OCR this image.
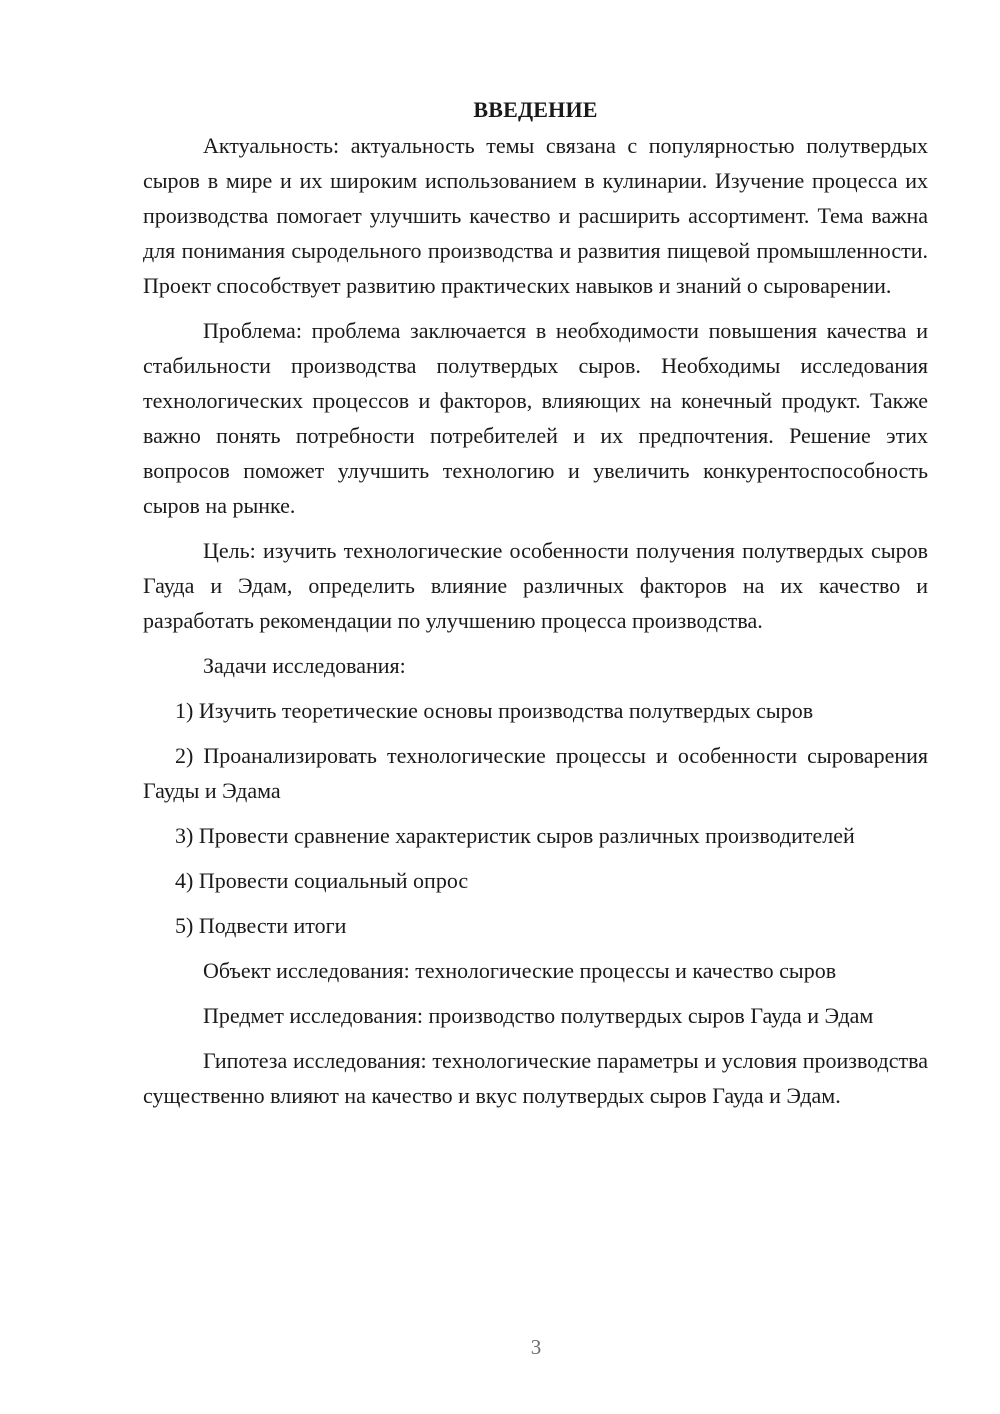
ВВЕДЕНИЕ

Актуальность: актуальность темы связана с популярностью полутвердых сыров в мире и их широким использованием в кулинарии. Изучение процесса их производства помогает улучшить качество и расширить ассортимент. Тема важна для понимания сыродельного производства и развития пищевой промышленности. Проект способствует развитию практических навыков и знаний о сыроварении.

Проблема: проблема заключается в необходимости повышения качества и стабильности производства полутвердых сыров. Необходимы исследования технологических процессов и факторов, влияющих на конечный продукт. Также важно понять потребности потребителей и их предпочтения. Решение этих вопросов поможет улучшить технологию и увеличить конкурентоспособность сыров на рынке.

Цель: изучить технологические особенности получения полутвердых сыров Гауда и Эдам, определить влияние различных факторов на их качество и разработать рекомендации по улучшению процесса производства.

Задачи исследования:

1) Изучить теоретические основы производства полутвердых сыров

2) Проанализировать технологические процессы и особенности сыроварения Гауды и Эдама

3) Провести сравнение характеристик сыров различных производителей

4) Провести социальный опрос

5) Подвести итоги

Объект исследования: технологические процессы и качество сыров

Предмет исследования: производство полутвердых сыров Гауда и Эдам

Гипотеза исследования: технологические параметры и условия производства существенно влияют на качество и вкус полутвердых сыров Гауда и Эдам.

3
